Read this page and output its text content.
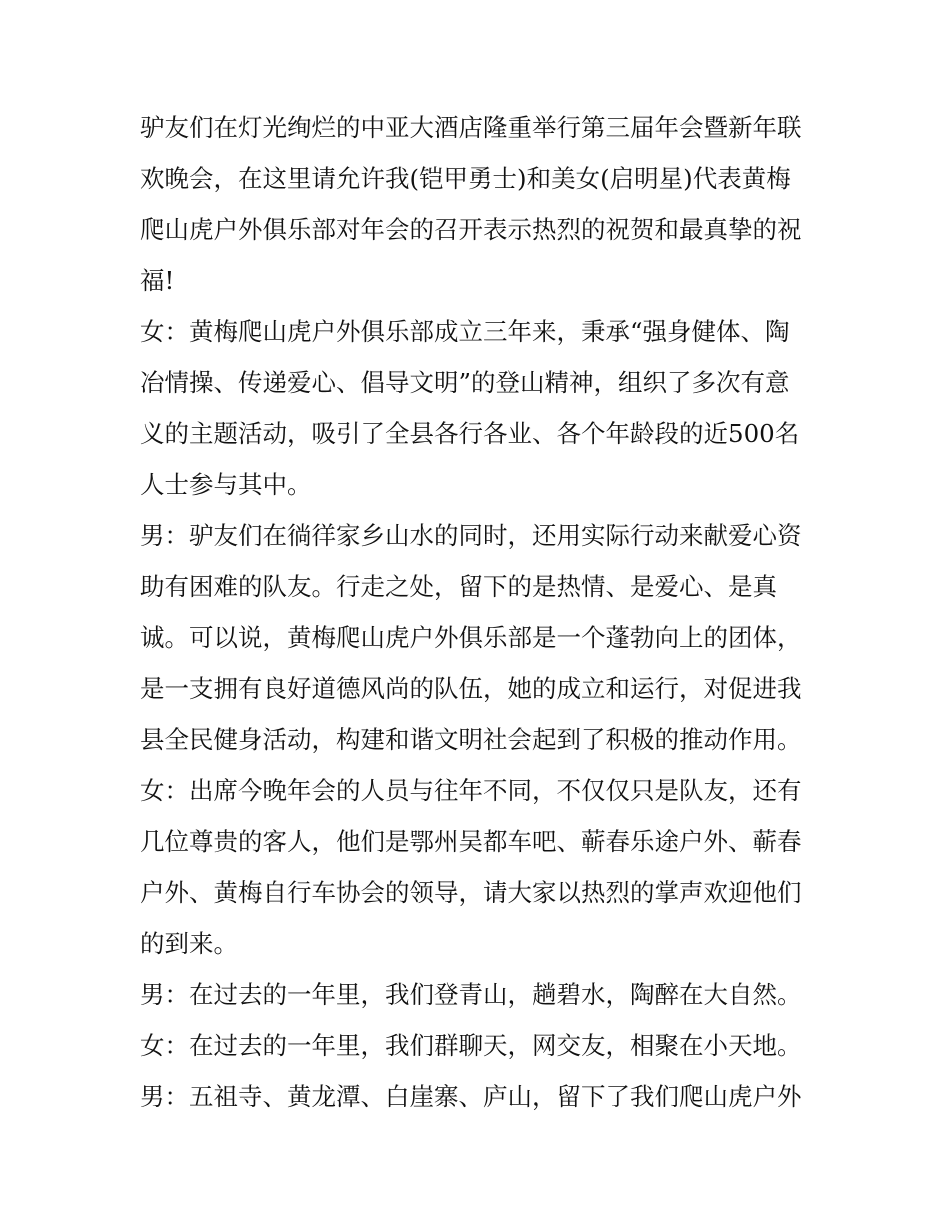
驴友们在灯光绚烂的中亚大酒店隆重举行第三届年会暨新年联
欢晚会，在这里请允许我(铠甲勇士)和美女(启明星)代表黄梅
爬山虎户外俱乐部对年会的召开表示热烈的祝贺和最真挚的祝
福!
女：黄梅爬山虎户外俱乐部成立三年来，秉承“强身健体、陶
冶情操、传递爱心、倡导文明”的登山精神，组织了多次有意
义的主题活动，吸引了全县各行各业、各个年龄段的近500名
人士参与其中。
男：驴友们在徜徉家乡山水的同时，还用实际行动来献爱心资
助有困难的队友。行走之处，留下的是热情、是爱心、是真
诚。可以说，黄梅爬山虎户外俱乐部是一个蓬勃向上的团体，
是一支拥有良好道德风尚的队伍，她的成立和运行，对促进我
县全民健身活动，构建和谐文明社会起到了积极的推动作用。
女：出席今晚年会的人员与往年不同，不仅仅只是队友，还有
几位尊贵的客人，他们是鄂州吴都车吧、蕲春乐途户外、蕲春
户外、黄梅自行车协会的领导，请大家以热烈的掌声欢迎他们
的到来。
男：在过去的一年里，我们登青山，趟碧水，陶醉在大自然。
女：在过去的一年里，我们群聊天，网交友，相聚在小天地。
男：五祖寺、黄龙潭、白崖寨、庐山，留下了我们爬山虎户外
